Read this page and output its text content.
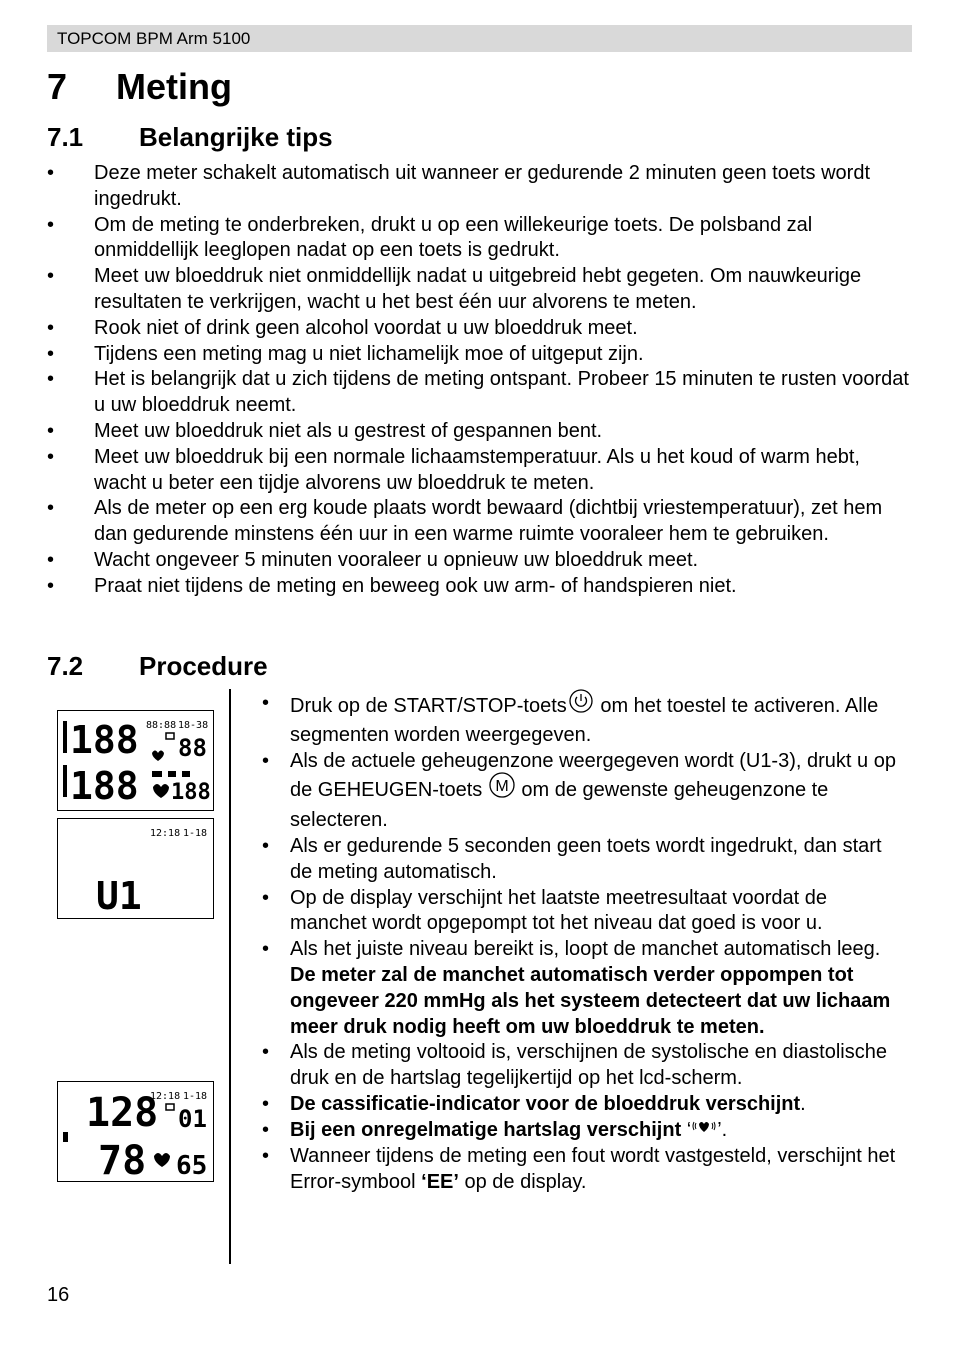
TOPCOM BPM Arm 5100
7 Meting
7.1 Belangrijke tips
• Deze meter schakelt automatisch uit wanneer er gedurende 2 minuten geen toets wordt ingedrukt.
• Om de meting te onderbreken, drukt u op een willekeurige toets. De polsband zal onmiddellijk leeglopen nadat op een toets is gedrukt.
• Meet uw bloeddruk niet onmiddellijk nadat u uitgebreid hebt gegeten. Om nauwkeurige resultaten te verkrijgen, wacht u het best één uur alvorens te meten.
• Rook niet of drink geen alcohol voordat u uw bloeddruk meet.
• Tijdens een meting mag u niet lichamelijk moe of uitgeput zijn.
• Het is belangrijk dat u zich tijdens de meting ontspant. Probeer 15 minuten te rusten voordat u uw bloeddruk neemt.
• Meet uw bloeddruk niet als u gestrest of gespannen bent.
• Meet uw bloeddruk bij een normale lichaamstemperatuur. Als u het koud of warm hebt, wacht u beter een tijdje alvorens uw bloeddruk te meten.
• Als de meter op een erg koude plaats wordt bewaard (dichtbij vriestemperatuur), zet hem dan gedurende minstens één uur in een warme ruimte vooraleer hem te gebruiken.
• Wacht ongeveer 5 minuten vooraleer u opnieuw uw bloeddruk meet.
• Praat niet tijdens de meting en beweeg ook uw arm- of handspieren niet.
7.2 Procedure
188
188
88:88 18-38
88
188
12:18 1-18
U1
128
78
12:18 1-18
01
65
• Druk op de START/STOP-toets om het toestel te activeren. Alle segmenten worden weergegeven.
• Als de actuele geheugenzone weergegeven wordt (U1-3), drukt u op de GEHEUGEN-toets M om de gewenste geheugenzone te selecteren.
• Als er gedurende 5 seconden geen toets wordt ingedrukt, dan start de meting automatisch.
• Op de display verschijnt het laatste meetresultaat voordat de manchet wordt opgepompt tot het niveau dat goed is voor u.
• Als het juiste niveau bereikt is, loopt de manchet automatisch leeg.
De meter zal de manchet automatisch verder oppompen tot ongeveer 220 mmHg als het systeem detecteert dat uw lichaam meer druk nodig heeft om uw bloeddruk te meten.
• Als de meting voltooid is, verschijnen de systolische en diastolische druk en de hartslag tegelijkertijd op het lcd-scherm.
• De cassificatie-indicator voor de bloeddruk verschijnt.
• Bij een onregelmatige hartslag verschijnt ‘ ’.
• Wanneer tijdens de meting een fout wordt vastgesteld, verschijnt het Error-symbool ‘EE’ op de display.
16
